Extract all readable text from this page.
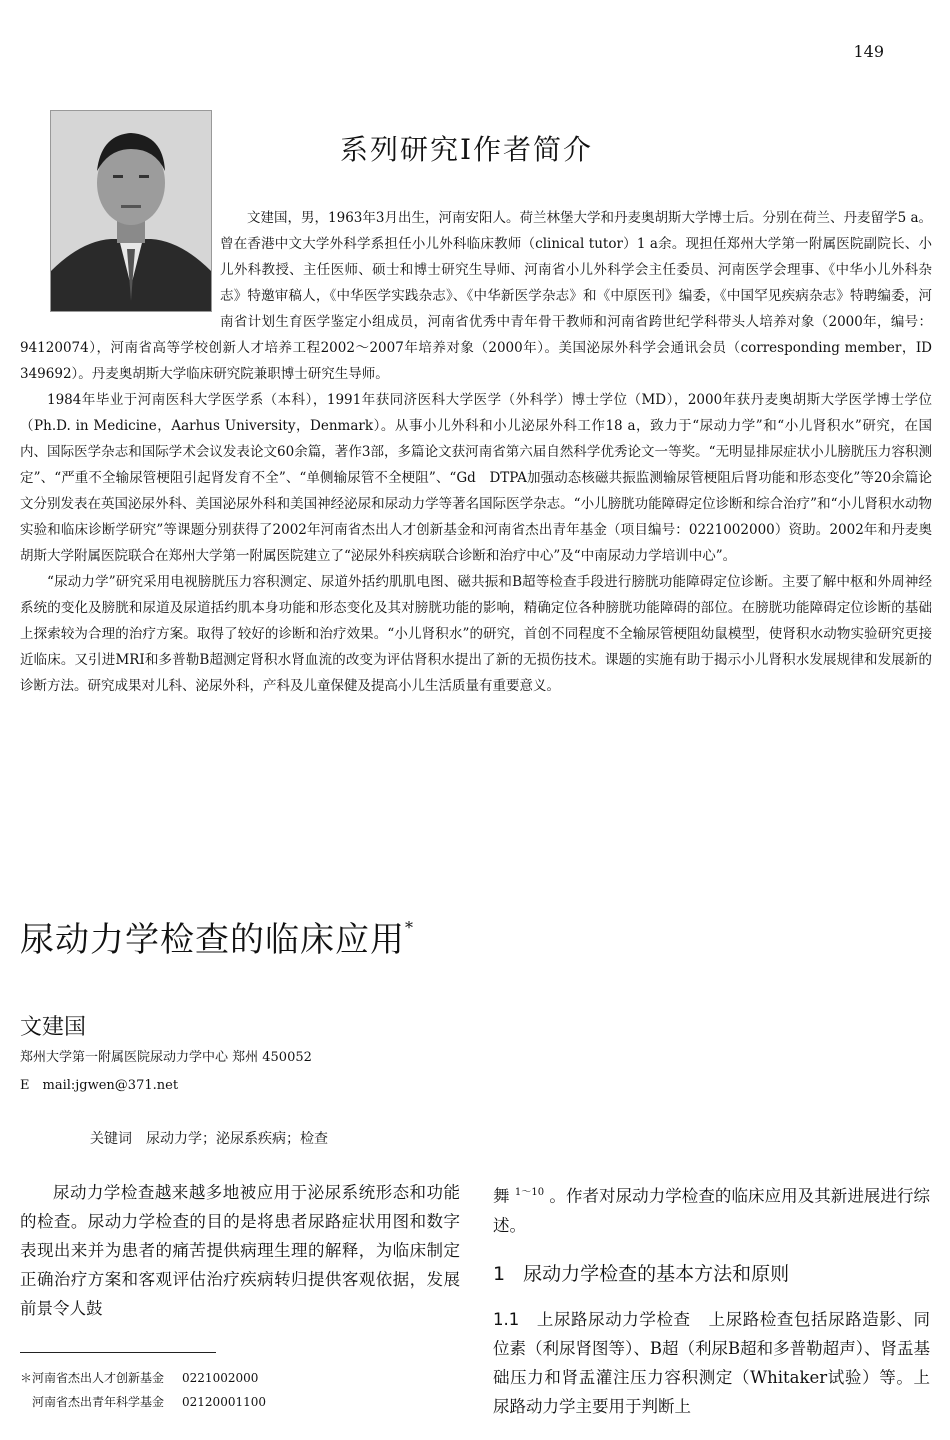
149
系列研究Ⅰ作者简介

文建国，男，1963年3月出生，河南安阳人。荷兰林堡大学和丹麦奥胡斯大学博士后。分别在荷兰、丹麦留学5 a。曾在香港中文大学外科学系担任小儿外科临床教师（clinical tutor）1 a余。现担任郑州大学第一附属医院副院长、小儿外科教授、主任医师、硕士和博士研究生导师、河南省小儿外科学会主任委员、河南医学会理事、《中华小儿外科杂志》特邀审稿人，《中华医学实践杂志》、《中华新医学杂志》和《中原医刊》编委，《中国罕见疾病杂志》特聘编委，河南省计划生育医学鉴定小组成员，河南省优秀中青年骨干教师和河南省跨世纪学科带头人培养对象（2000年，编号：94120074），河南省高等学校创新人才培养工程2002～2007年培养对象（2000年）。美国泌尿外科学会通讯会员（corresponding member，ID 349692）。丹麦奥胡斯大学临床研究院兼职博士研究生导师。

1984年毕业于河南医科大学医学系（本科），1991年获同济医科大学医学（外科学）博士学位（MD），2000年获丹麦奥胡斯大学医学博士学位（Ph.D. in Medicine，Aarhus University，Denmark）。从事小儿外科和小儿泌尿外科工作18 a，致力于“尿动力学”和“小儿肾积水”研究，在国内、国际医学杂志和国际学术会议发表论文60余篇，著作3部，多篇论文获河南省第六届自然科学优秀论文一等奖。“无明显排尿症状小儿膀胱压力容积测定”、“严重不全输尿管梗阻引起肾发育不全”、“单侧输尿管不全梗阻”、“Gd　DTPA加强动态核磁共振监测输尿管梗阻后肾功能和形态变化”等20余篇论文分别发表在英国泌尿外科、美国泌尿外科和美国神经泌尿和尿动力学等著名国际医学杂志。“小儿膀胱功能障碍定位诊断和综合治疗”和“小儿肾积水动物实验和临床诊断学研究”等课题分别获得了2002年河南省杰出人才创新基金和河南省杰出青年基金（项目编号：0221002000）资助。2002年和丹麦奥胡斯大学附属医院联合在郑州大学第一附属医院建立了“泌尿外科疾病联合诊断和治疗中心”及“中南尿动力学培训中心”。

“尿动力学”研究采用电视膀胱压力容积测定、尿道外括约肌肌电图、磁共振和B超等检查手段进行膀胱功能障碍定位诊断。主要了解中枢和外周神经系统的变化及膀胱和尿道及尿道括约肌本身功能和形态变化及其对膀胱功能的影响，精确定位各种膀胱功能障碍的部位。在膀胱功能障碍定位诊断的基础上探索较为合理的治疗方案。取得了较好的诊断和治疗效果。“小儿肾积水”的研究，首创不同程度不全输尿管梗阻幼鼠模型，使肾积水动物实验研究更接近临床。又引进MRI和多普勒B超测定肾积水肾血流的改变为评估肾积水提出了新的无损伤技术。课题的实施有助于揭示小儿肾积水发展规律和发展新的诊断方法。研究成果对儿科、泌尿外科，产科及儿童保健及提高小儿生活质量有重要意义。

尿动力学检查的临床应用*
文建国
郑州大学第一附属医院尿动力学中心 郑州 450052
E　mail:jgwen@371.net
关键词 尿动力学；泌尿系疾病；检查

尿动力学检查越来越多地被应用于泌尿系统形态和功能的检查。尿动力学检查的目的是将患者尿路症状用图和数字表现出来并为患者的痛苦提供病理生理的解释，为临床制定正确治疗方案和客观评估治疗疾病转归提供客观依据，发展前景令人鼓

舞 $^{1\sim 10}$ 。作者对尿动力学检查的临床应用及其新进展进行综述。

1 尿动力学检查的基本方法和原则

1.1　 上尿路尿动力学检查 上尿路检查包括尿路造影、同位素（利尿肾图等）、B超（利尿B超和多普勒超声）、肾盂基础压力和肾盂灌注压力容积测定（Whitaker试验）等。上尿路动力学主要用于判断上

＊河南省杰出人才创新基金 0221002000
河南省杰出青年科学基金 02120001100
